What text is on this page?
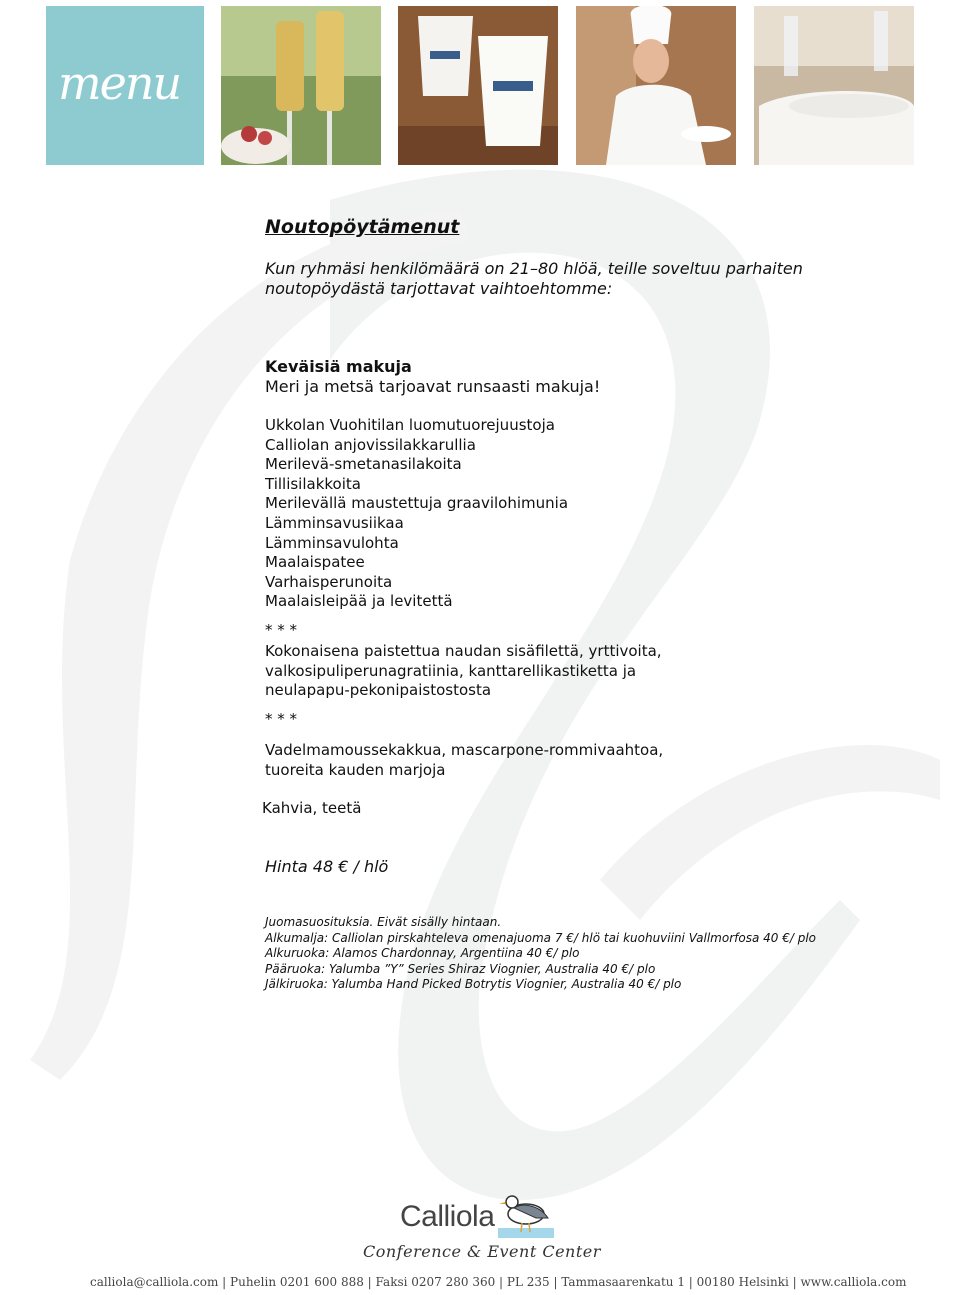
menu
Noutopöytämenut
Kun ryhmäsi henkilömäärä on 21–80 hlöä, teille soveltuu parhaiten
noutopöydästä tarjottavat vaihtoehtomme:
Keväisiä makuja
Meri ja metsä tarjoavat runsaasti makuja!
Ukkolan Vuohitilan luomutuorejuustoja
Calliolan anjovissilakkarullia
Merilevä-smetanasilakoita
Tillisilakkoita
Merilevällä maustettuja graavilohimunia
Lämminsavusiikaa
Lämminsavulohta
Maalaispatee
Varhaisperunoita
Maalaisleipää ja levitettä
* * *
Kokonaisena paistettua naudan sisäfilettä, yrttivoita,
valkosipuliperunagratiinia, kanttarellikastiketta ja
neulapapu-pekonipaistostosta
* * *
Vadelmamoussekakkua, mascarpone-rommivaahtoa,
tuoreita kauden marjoja
Kahvia, teetä
Hinta 48 € / hlö
Juomasuosituksia. Eivät sisälly hintaan.
Alkumalja: Calliolan pirskahteleva omenajuoma 7 €/ hlö tai kuohuviini Vallmorfosa 40 €/ plo
Alkuruoka: Alamos Chardonnay, Argentiina 40 €/ plo
Pääruoka: Yalumba ”Y” Series Shiraz Viognier, Australia 40 €/ plo
Jälkiruoka: Yalumba Hand Picked Botrytis Viognier, Australia 40 €/ plo
Calliola
Conference & Event Center
calliola@calliola.com | Puhelin 0201 600 888 | Faksi 0207 280 360 | PL 235 | Tammasaarenkatu 1 | 00180 Helsinki | www.calliola.com
